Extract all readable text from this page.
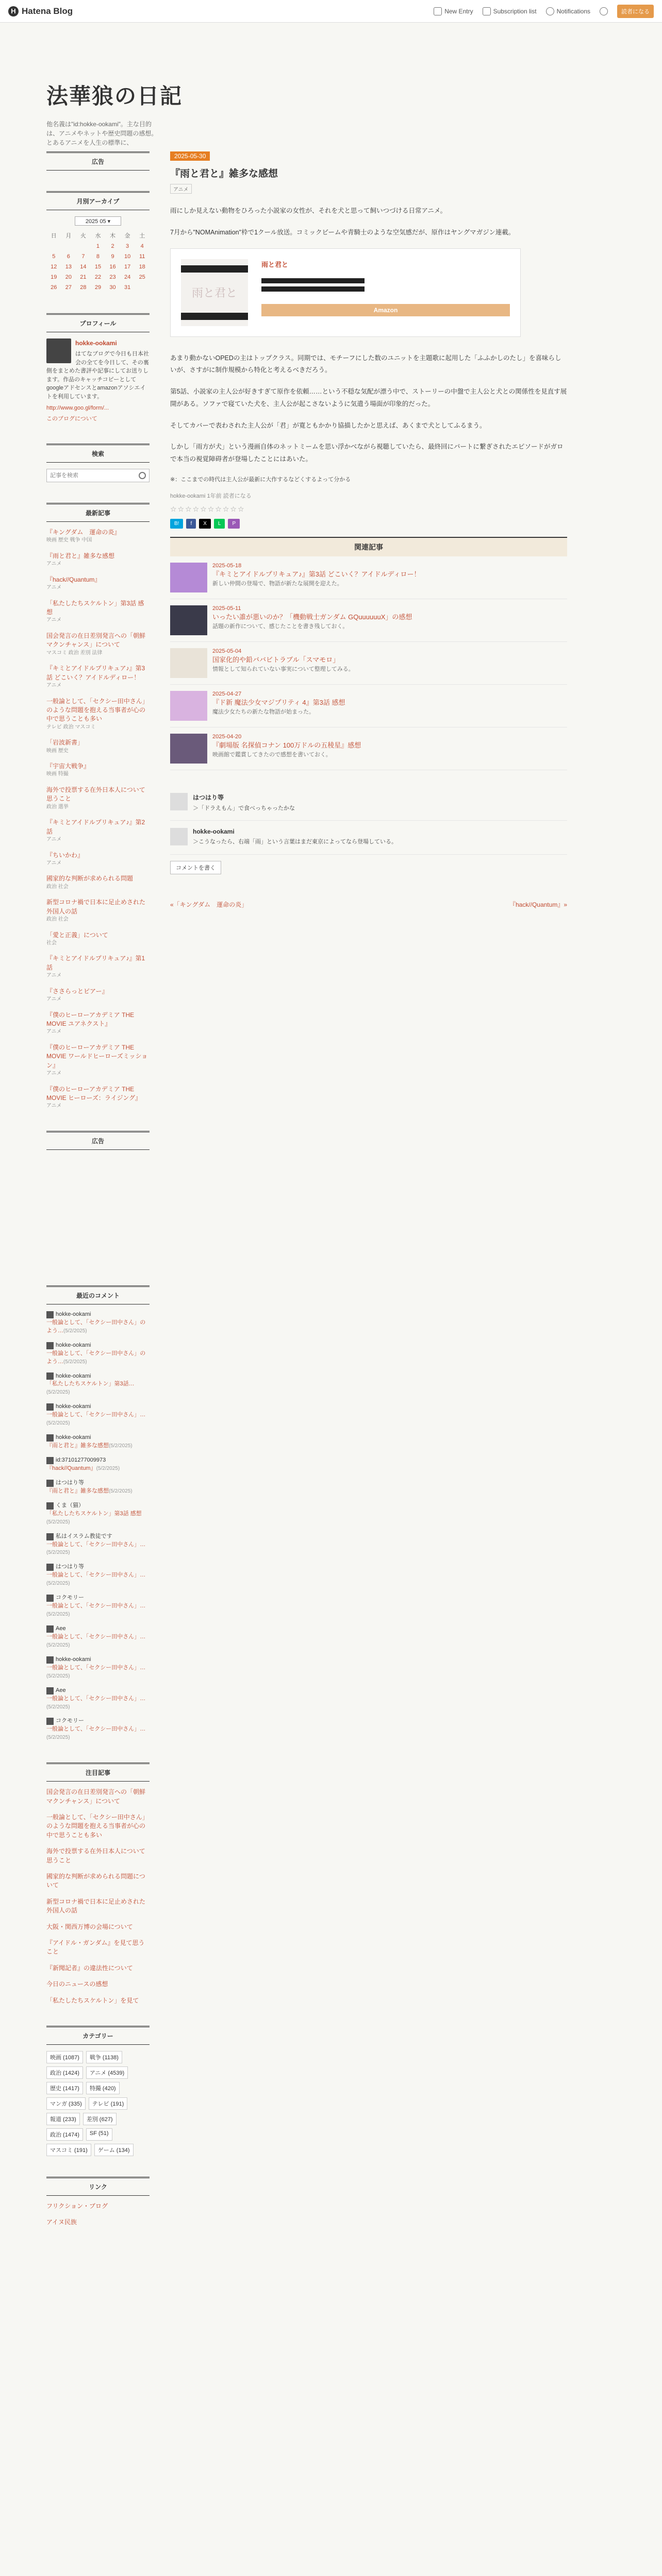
H Hatena Blog	New Entry	Subscription list	Notifications	読者になる
法華狼の日記

他名義は"id:hokke-ookami"。主な目的は、アニメやネットや歴史問題の感想。とあるアニメを人生の標準に、

広告
月別アーカイブ
2025 05 ▾
日	月	火	水	木	金	土
			1	2	3	4
5	6	7	8	9	10	11
12	13	14	15	16	17	18
19	20	21	22	23	24	25
26	27	28	29	30	31	
プロフィール
hokke-ookami
はてなブログで今日も日本社会の全てを今日して、その裏側をまとめた書評や記事にしてお送りします。作品のキャッチコピーとしてgoogleアドセンスとamazonアソシエイトを利用しています。
http://www.goo.gl/form/...
このブログについて
検索
記事を検索
最新記事
『キングダム　運命の炎』
映画 歴史 戦争 中国
『雨と君と』雑多な感想
アニメ
『hack//Quantum』
アニメ
「私たしたちスケルトン」第3話 感想
アニメ
国会発言の在日差別発言への「朝鮮マクンチャンス」について
マスコミ 政治 差別 法律
『キミとアイドルプリキュア♪』第3話 どこいく？アイドルディロー！
アニメ
一般論として、「セクシー田中さん」のような問題を抱える当事者が心の中で思うことも多い
テレビ 政治 マスコミ
「岩波新書」
映画 歴史
『宇宙大戦争』
映画 特撮
海外で投票する在外日本人について思うこと
政治 選挙
『キミとアイドルプリキュア♪』第2話
アニメ
『ちいかわ』
アニメ
國家的な判断が求められる問題
政治 社会
新型コロナ禍で日本に足止めされた外国人の話
政治 社会
「愛と正義」について
社会
『キミとアイドルプリキュア♪』第1話
アニメ
『ささらっとピアー』
アニメ
『僕のヒーローアカデミア THE MOVIE ユアネクスト』
アニメ
『僕のヒーローアカデミア THE MOVIE ワールドヒーローズミッション』
アニメ
『僕のヒーローアカデミア THE MOVIE ヒーローズ：ライジング』
アニメ
広告
最近のコメント
hokke-ookami
一般論として、「セクシー田中さん」のよう…(5/2/2025)
hokke-ookami
一般論として、「セクシー田中さん」のよう…(5/2/2025)
hokke-ookami
「私たしたちスケルトン」第3話…(5/2/2025)
hokke-ookami
一般論として、「セクシー田中さん」…(5/2/2025)
hokke-ookami
『雨と君と』雑多な感想(5/2/2025)
id:37101277009973
『hack//Quantum』(5/2/2025)
はつはり等
『雨と君と』雑多な感想(5/2/2025)
くま（猫）
「私たしたちスケルトン」第3話 感想(5/2/2025)
私はイスラム教徒です
一般論として、「セクシー田中さん」…(5/2/2025)
はつはり等
一般論として、「セクシー田中さん」…(5/2/2025)
コクモリー
一般論として、「セクシー田中さん」…(5/2/2025)
Aee
一般論として、「セクシー田中さん」…(5/2/2025)
hokke-ookami
一般論として、「セクシー田中さん」…(5/2/2025)
Aee
一般論として、「セクシー田中さん」…(5/2/2025)
コクモリー
一般論として、「セクシー田中さん」…(5/2/2025)
注目記事
国会発言の在日差別発言への「朝鮮マクンチャンス」について
一般論として、「セクシー田中さん」のような問題を抱える当事者が心の中で思うことも多い
海外で投票する在外日本人について思うこと
國家的な判断が求められる問題について
新型コロナ禍で日本に足止めされた外国人の話
大阪・関西万博の会場について
『アイドル・ガンダム』を見て思うこと
『新聞記者』の違法性について
今日のニュースの感想
「私たしたちスケルトン」を見て
カテゴリー
映画 (1087)	戦争 (1138)
政治 (1424)	アニメ (4539)
歴史 (1417)	特撮 (420)
マンガ (335)	テレビ (191)
報道 (233)	差別 (627)
政治 (1474)	SF (51)
マスコミ (191)	ゲーム (134)
リンク
フリクション・ブログ
アイヌ民族
2025-05-30
『雨と君と』雑多な感想
アニメ

雨にしか見えない動物をひろった小説家の女性が、それを犬と思って飼いつづける日常アニメ。

7月から"NOMAnimation"枠で1クール放送。コミックビームや青騎士のような空気感だが、原作はヤングマガジン連載。

雨と君と
雨と君と
Amazon

あまり動かないOPEDの主はトップクラス。同期では、モチーフにした数のユニットを主題歌に起用した「ふふかしのたし」を喜味らしいが、さすがに制作規模から特化と考えるべきだろう。

第5話、小説家の主人公が好きすぎて原作を依頼……という不穏な気配が漂う中で、ストーリーの中盤で主人公と犬との関係性を見直す展開がある。ソファで寝ていた犬を、主人公が起こさないように気遣う場面が印象的だった。

そしてカバーで表わされた主人公が「君」が寛ともかかり協描したかと思えば、あくまで犬としてふるまう。

しかし「雨方が犬」という漫画自体のネットミームを思い浮かべながら視聴していたら、最終回にパートに繋ぎされたエピソードがガロで本当の視覚障碍者が登場したことにはあいた。

※：ここまでの時代は主人公が最新に大作するなどくするよって分かる
hokke-ookami 1年前 読者になる
☆☆☆☆☆☆☆☆☆☆
B!	f	X	L	P
関連記事
2025-05-18
『キミとアイドルプリキュア♪』第3話 どこいく？アイドルディロー！
新しい仲間の登場で、物語が新たな展開を迎えた。
2025-05-11
いったい誰が悪いのか？「機動戦士ガンダム GQuuuuuuX」の感想
話題の新作について、感じたことを書き残しておく。
2025-05-04
国家化的や鉛ババビトラブル「スマモロ」
情報として知られていない事実について整理してみる。
2025-04-27
『ド新 魔法少女マジプリティ 4』第3話 感想
魔法少女たちの新たな物語が始まった。
2025-04-20
『劇場版 名探偵コナン 100万ドルの五稜星』感想
映画館で鑑賞してきたので感想を書いておく。
はつはり等

＞「ドラえもん」で食べっちゃったかな

hokke-ookami

＞こうなったら、右端「雨」という言葉はまだ東京によってなら登場している。

コメントを書く
«「キングダム　運命の炎」	『hack//Quantum』»
